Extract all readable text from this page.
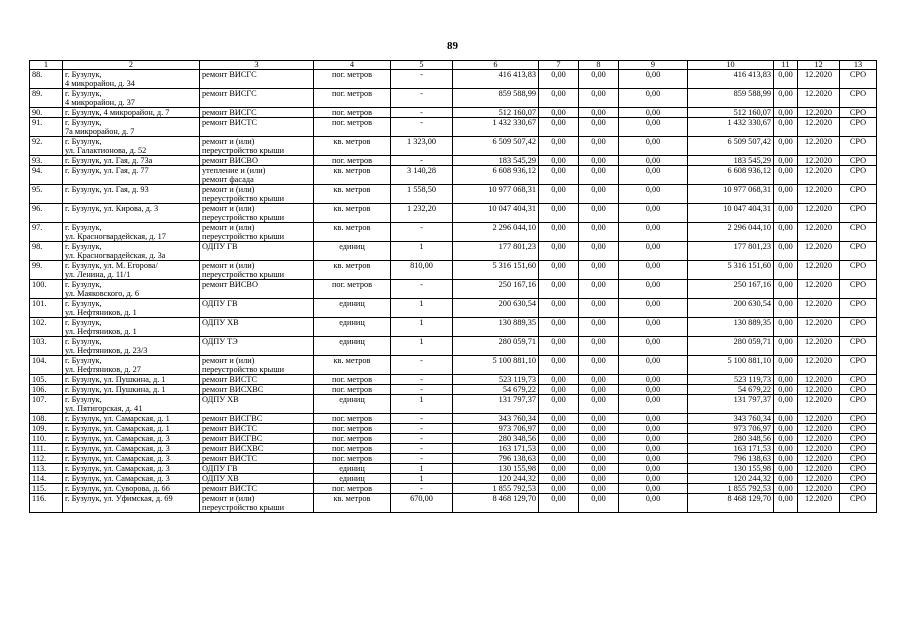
89
1	2	3	4	5	6	7	8	9	10	11	12	13
88.	г. Бузулук,
4 микрорайон, д. 34	ремонт ВИСГС	пог. метров	-	416 413,83	0,00	0,00	0,00	416 413,83	0,00	12.2020	СРО
89.	г. Бузулук,
4 микрорайон, д. 37	ремонт ВИСГС	пог. метров	-	859 588,99	0,00	0,00	0,00	859 588,99	0,00	12.2020	СРО
90.	г. Бузулук, 4 микрорайон, д. 7	ремонт ВИСГС	пог. метров	-	512 160,07	0,00	0,00	0,00	512 160,07	0,00	12.2020	СРО
91.	г. Бузулук,
7а микрорайон, д. 7	ремонт ВИСТС	пог. метров	-	1 432 330,67	0,00	0,00	0,00	1 432 330,67	0,00	12.2020	СРО
92.	г. Бузулук,
ул. Галактионова, д. 52	ремонт и (или)
переустройство крыши	кв. метров	1 323,00	6 509 507,42	0,00	0,00	0,00	6 509 507,42	0,00	12.2020	СРО
93.	г. Бузулук, ул. Гая, д. 73а	ремонт ВИСВО	пог. метров	-	183 545,29	0,00	0,00	0,00	183 545,29	0,00	12.2020	СРО
94.	г. Бузулук, ул. Гая, д. 77	утепление и (или)
ремонт фасада	кв. метров	3 140,28	6 608 936,12	0,00	0,00	0,00	6 608 936,12	0,00	12.2020	СРО
95.	г. Бузулук, ул. Гая, д. 93	ремонт и (или)
переустройство крыши	кв. метров	1 558,50	10 977 068,31	0,00	0,00	0,00	10 977 068,31	0,00	12.2020	СРО
96.	г. Бузулук, ул. Кирова, д. 3	ремонт и (или)
переустройство крыши	кв. метров	1 232,20	10 047 404,31	0,00	0,00	0,00	10 047 404,31	0,00	12.2020	СРО
97.	г. Бузулук,
ул. Красногвардейская, д. 17	ремонт и (или)
переустройство крыши	кв. метров	-	2 296 044,10	0,00	0,00	0,00	2 296 044,10	0,00	12.2020	СРО
98.	г. Бузулук,
ул. Красногвардейская, д. 3а	ОДПУ ГВ	единиц	1	177 801,23	0,00	0,00	0,00	177 801,23	0,00	12.2020	СРО
99.	г. Бузулук, ул. М. Егорова/
ул. Ленина, д. 11/1	ремонт и (или)
переустройство крыши	кв. метров	810,00	5 316 151,60	0,00	0,00	0,00	5 316 151,60	0,00	12.2020	СРО
100.	г. Бузулук,
ул. Маяковского, д. 6	ремонт ВИСВО	пог. метров	-	250 167,16	0,00	0,00	0,00	250 167,16	0,00	12.2020	СРО
101.	г. Бузулук,
ул. Нефтяников, д. 1	ОДПУ ГВ	единиц	1	200 630,54	0,00	0,00	0,00	200 630,54	0,00	12.2020	СРО
102.	г. Бузулук,
ул. Нефтяников, д. 1	ОДПУ ХВ	единиц	1	130 889,35	0,00	0,00	0,00	130 889,35	0,00	12.2020	СРО
103.	г. Бузулук,
ул. Нефтяников, д. 23/3	ОДПУ ТЭ	единиц	1	280 059,71	0,00	0,00	0,00	280 059,71	0,00	12.2020	СРО
104.	г. Бузулук,
ул. Нефтяников, д. 27	ремонт и (или)
переустройство крыши	кв. метров	-	5 100 881,10	0,00	0,00	0,00	5 100 881,10	0,00	12.2020	СРО
105.	г. Бузулук, ул. Пушкина, д. 1	ремонт ВИСТС	пог. метров	-	523 119,73	0,00	0,00	0,00	523 119,73	0,00	12.2020	СРО
106.	г. Бузулук, ул. Пушкина, д. 1	ремонт ВИСХВС	пог. метров	-	54 679,22	0,00	0,00	0,00	54 679,22	0,00	12.2020	СРО
107.	г. Бузулук,
ул. Пятигорская, д. 41	ОДПУ ХВ	единиц	1	131 797,37	0,00	0,00	0,00	131 797,37	0,00	12.2020	СРО
108.	г. Бузулук, ул. Самарская, д. 1	ремонт ВИСГВС	пог. метров	-	343 760,34	0,00	0,00	0,00	343 760,34	0,00	12.2020	СРО
109.	г. Бузулук, ул. Самарская, д. 1	ремонт ВИСТС	пог. метров	-	973 706,97	0,00	0,00	0,00	973 706,97	0,00	12.2020	СРО
110.	г. Бузулук, ул. Самарская, д. 3	ремонт ВИСГВС	пог. метров	-	280 348,56	0,00	0,00	0,00	280 348,56	0,00	12.2020	СРО
111.	г. Бузулук, ул. Самарская, д. 3	ремонт ВИСХВС	пог. метров	-	163 171,53	0,00	0,00	0,00	163 171,53	0,00	12.2020	СРО
112.	г. Бузулук, ул. Самарская, д. 3	ремонт ВИСТС	пог. метров	-	796 138,63	0,00	0,00	0,00	796 138,63	0,00	12.2020	СРО
113.	г. Бузулук, ул. Самарская, д. 3	ОДПУ ГВ	единиц	1	130 155,98	0,00	0,00	0,00	130 155,98	0,00	12.2020	СРО
114.	г. Бузулук, ул. Самарская, д. 3	ОДПУ ХВ	единиц	1	120 244,32	0,00	0,00	0,00	120 244,32	0,00	12.2020	СРО
115.	г. Бузулук, ул. Суворова, д. 66	ремонт ВИСТС	пог. метров	-	1 855 792,53	0,00	0,00	0,00	1 855 792,53	0,00	12.2020	СРО
116.	г. Бузулук, ул. Уфимская, д. 69	ремонт и (или)
переустройство крыши	кв. метров	670,00	8 468 129,70	0,00	0,00	0,00	8 468 129,70	0,00	12.2020	СРО
